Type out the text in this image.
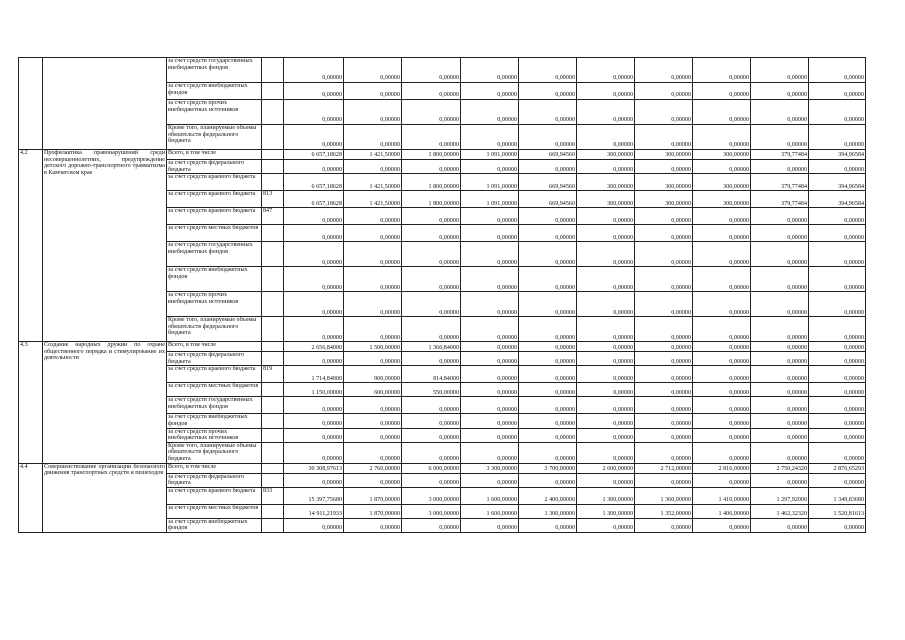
		за счет средств государственных внебюджетных фондов		0,00000	0,00000	0,00000	0,00000	0,00000	0,00000	0,00000	0,00000	0,00000	0,00000
		за счет средств внебюджетных фондов		0,00000	0,00000	0,00000	0,00000	0,00000	0,00000	0,00000	0,00000	0,00000	0,00000
		за счет средств прочих внебюджетных источников		0,00000	0,00000	0,00000	0,00000	0,00000	0,00000	0,00000	0,00000	0,00000	0,00000
		Кроме того, планируемые объемы обязательств федерального бюджета		0,00000	0,00000	0,00000	0,00000	0,00000	0,00000	0,00000	0,00000	0,00000	0,00000
4.2	Профилактика правонарушений среди несовершеннолетних, предупреждение детского дорожно-транспортного травматизма в Камчатском крае	Всего, в том числе		6 657,18628	1 421,50000	1 800,00000	1 091,00000	669,94560	300,00000	300,00000	300,00000	379,77484	394,96584
		за счет средств федерального бюджета		0,00000	0,00000	0,00000	0,00000	0,00000	0,00000	0,00000	0,00000	0,00000	0,00000
		за счет средств краевого бюджета		6 657,18628	1 421,50000	1 800,00000	1 091,00000	669,94560	300,00000	300,00000	300,00000	379,77484	394,96584
		за счет средств краевого бюджета	813	6 657,18628	1 421,50000	1 800,00000	1 091,00000	669,94560	300,00000	300,00000	300,00000	379,77484	394,96584
		за счет средств краевого бюджета	847	0,00000	0,00000	0,00000	0,00000	0,00000	0,00000	0,00000	0,00000	0,00000	0,00000
		за счет средств местных бюджетов		0,00000	0,00000	0,00000	0,00000	0,00000	0,00000	0,00000	0,00000	0,00000	0,00000
		за счет средств государственных внебюджетных фондов		0,00000	0,00000	0,00000	0,00000	0,00000	0,00000	0,00000	0,00000	0,00000	0,00000
		за счет средств внебюджетных фондов		0,00000	0,00000	0,00000	0,00000	0,00000	0,00000	0,00000	0,00000	0,00000	0,00000
		за счет средств прочих внебюджетных источников		0,00000	0,00000	0,00000	0,00000	0,00000	0,00000	0,00000	0,00000	0,00000	0,00000
		Кроме того, планируемые объемы обязательств федерального бюджета		0,00000	0,00000	0,00000	0,00000	0,00000	0,00000	0,00000	0,00000	0,00000	0,00000
4.3	Создание народных дружин по охране общественного порядка и стимулирование их деятельности	Всего, в том числе		2 656,84000	1 500,00000	1 366,84000	0,00000	0,00000	0,00000	0,00000	0,00000	0,00000	0,00000
		за счет средств федерального бюджета		0,00000	0,00000	0,00000	0,00000	0,00000	0,00000	0,00000	0,00000	0,00000	0,00000
		за счет средств краевого бюджета	819	1 714,84000	900,00000	814,84000	0,00000	0,00000	0,00000	0,00000	0,00000	0,00000	0,00000
		за счет средств местных бюджетов		1 150,00000	600,00000	550,00000	0,00000	0,00000	0,00000	0,00000	0,00000	0,00000	0,00000
		за счет средств государственных внебюджетных фондов		0,00000	0,00000	0,00000	0,00000	0,00000	0,00000	0,00000	0,00000	0,00000	0,00000
		за счет средств внебюджетных фондов		0,00000	0,00000	0,00000	0,00000	0,00000	0,00000	0,00000	0,00000	0,00000	0,00000
		за счет средств прочих внебюджетных источников		0,00000	0,00000	0,00000	0,00000	0,00000	0,00000	0,00000	0,00000	0,00000	0,00000
		Кроме того, планируемые объемы обязательств федерального бюджета		0,00000	0,00000	0,00000	0,00000	0,00000	0,00000	0,00000	0,00000	0,00000	0,00000
4.4	Совершенствование организации безопасного движения транспортных средств и пешеходов	Всего, в том числе		30 308,97613	2 760,00000	6 000,00000	3 300,00000	3 700,00000	2 600,00000	2 712,00000	2 816,00000	2 750,24320	2 870,65293
		за счет средств федерального бюджета		0,00000	0,00000	0,00000	0,00000	0,00000	0,00000	0,00000	0,00000	0,00000	0,00000
		за счет средств краевого бюджета	833	15 397,75680	1 870,00000	3 000,00000	1 600,00000	2 400,00000	1 300,00000	1 360,00000	1 410,00000	1 297,92000	1 349,83680
		за счет средств местных бюджетов		14 911,21933	1 870,00000	3 000,00000	1 600,00000	1 300,00000	1 300,00000	1 352,00000	1 406,00000	1 462,32320	1 520,81613
		за счет средств внебюджетных фондов		0,00000	0,00000	0,00000	0,00000	0,00000	0,00000	0,00000	0,00000	0,00000	0,00000
